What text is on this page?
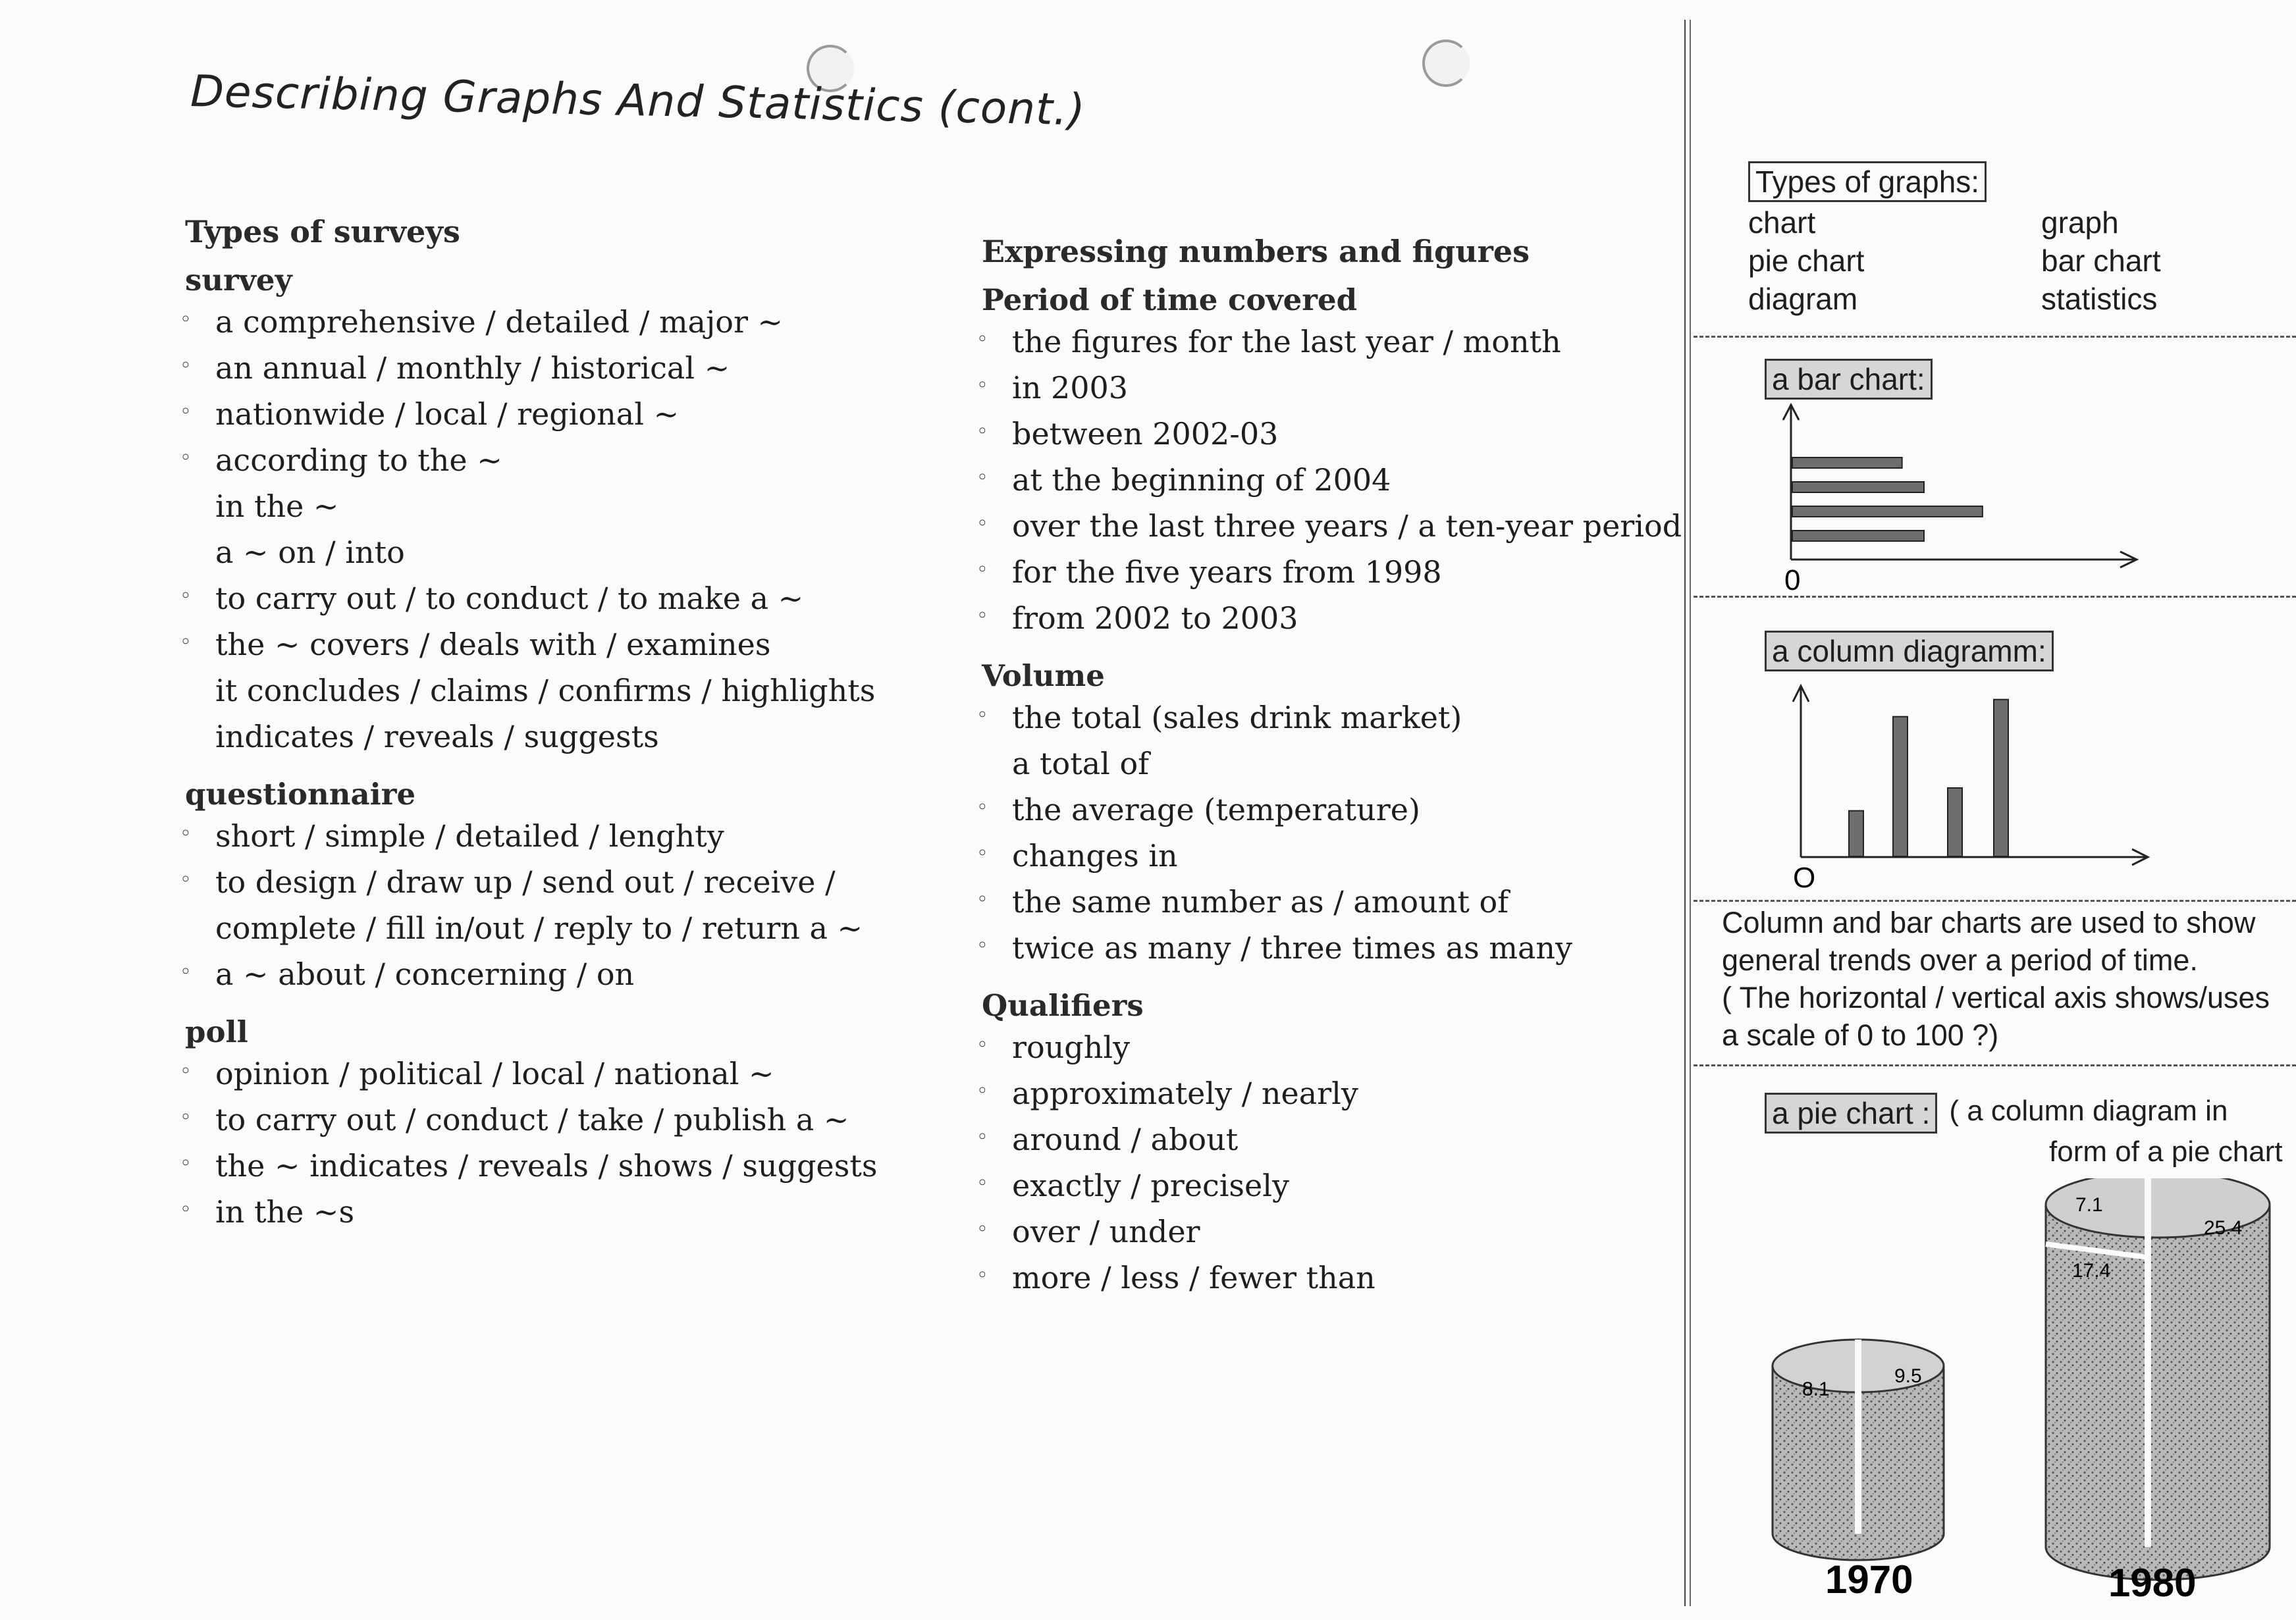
Describing Graphs And Statistics (cont.)
Types of surveys
survey
◦
a comprehensive / detailed / major ~
◦
an annual / monthly / historical ~
◦
nationwide / local / regional ~
◦
according to the ~
in the ~
a ~ on / into
◦
to carry out / to conduct / to make a ~
◦
the ~ covers / deals with / examines
it concludes / claims / confirms / highlights
indicates / reveals / suggests
questionnaire
◦
short / simple / detailed / lenghty
◦
to design / draw up / send out / receive /
complete / fill in/out / reply to / return a ~
◦
a ~ about / concerning / on
poll
◦
opinion / political / local / national ~
◦
to carry out / conduct / take / publish a ~
◦
the ~ indicates / reveals / shows / suggests
◦
in the ~s
Expressing numbers and figures
Period of time covered
◦
the figures for the last year / month
◦
in 2003
◦
between 2002-03
◦
at the beginning of 2004
◦
over the last three years / a ten-year period
◦
for the five years from 1998
◦
from 2002 to 2003
Volume
◦
the total (sales drink market)
a total of
◦
the average (temperature)
◦
changes in
◦
the same number as / amount of
◦
twice as many / three times as many
Qualifiers
◦
roughly
◦
approximately / nearly
◦
around / about
◦
exactly / precisely
◦
over / under
◦
more / less / fewer than
Types of graphs:
chart	graph
pie chart	bar chart
diagram	statistics
a bar chart:
0
a column diagramm:
O
Column and bar charts are used to show
general trends over a period of time.
( The horizontal / vertical axis shows/uses
a scale of 0 to 100 ?)
a pie chart : ( a column diagram in
form of a pie chart
8.1
9.5
1970
7.1
25.4
17.4
1980
